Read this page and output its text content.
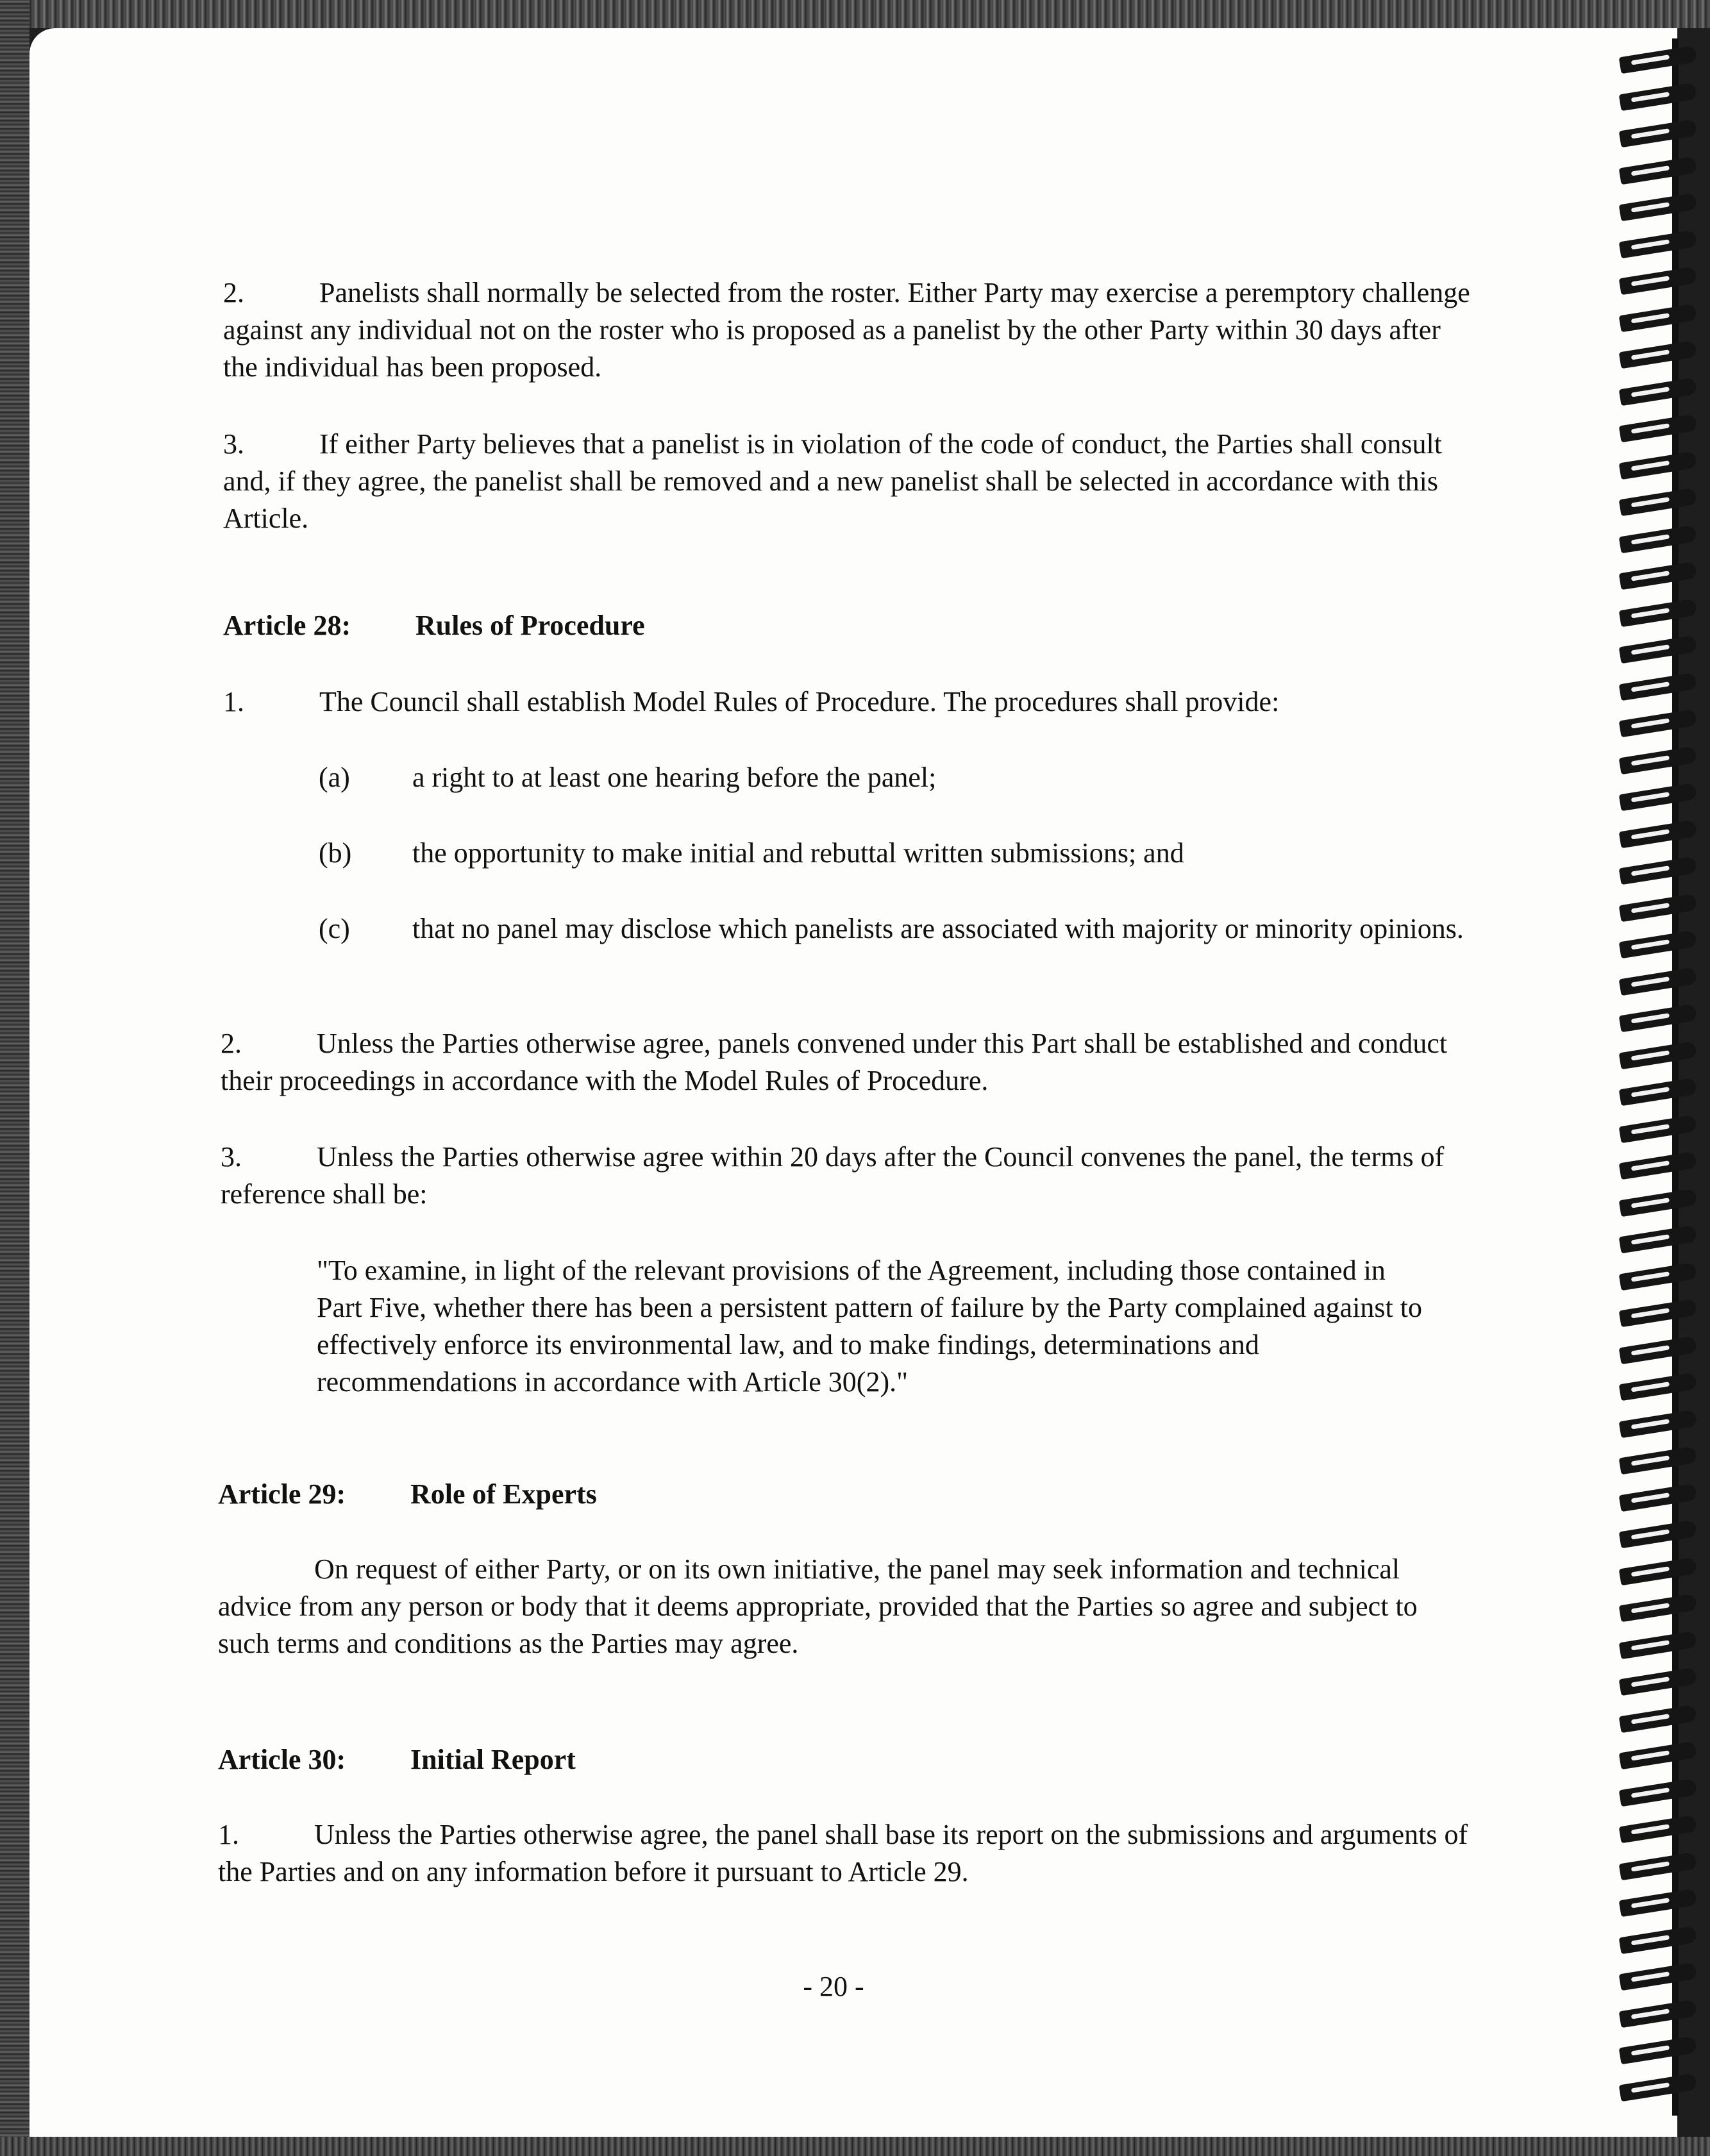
2.	Panelists shall normally be selected from the roster. Either Party may exercise a peremptory challenge against any individual not on the roster who is proposed as a panelist by the other Party within 30 days after the individual has been proposed.

3.	If either Party believes that a panelist is in violation of the code of conduct, the Parties shall consult and, if they agree, the panelist shall be removed and a new panelist shall be selected in accordance with this Article.

Article 28: Rules of Procedure

1.	The Council shall establish Model Rules of Procedure. The procedures shall provide:

(a) a right to at least one hearing before the panel;
(b) the opportunity to make initial and rebuttal written submissions; and
(c) that no panel may disclose which panelists are associated with majority or minority opinions.

2.	Unless the Parties otherwise agree, panels convened under this Part shall be established and conduct their proceedings in accordance with the Model Rules of Procedure.

3.	Unless the Parties otherwise agree within 20 days after the Council convenes the panel, the terms of reference shall be:

"To examine, in light of the relevant provisions of the Agreement, including those contained in Part Five, whether there has been a persistent pattern of failure by the Party complained against to effectively enforce its environmental law, and to make findings, determinations and recommendations in accordance with Article 30(2)."

Article 29: Role of Experts

On request of either Party, or on its own initiative, the panel may seek information and technical advice from any person or body that it deems appropriate, provided that the Parties so agree and subject to such terms and conditions as the Parties may agree.

Article 30: Initial Report

1.	Unless the Parties otherwise agree, the panel shall base its report on the submissions and arguments of the Parties and on any information before it pursuant to Article 29.

- 20 -
